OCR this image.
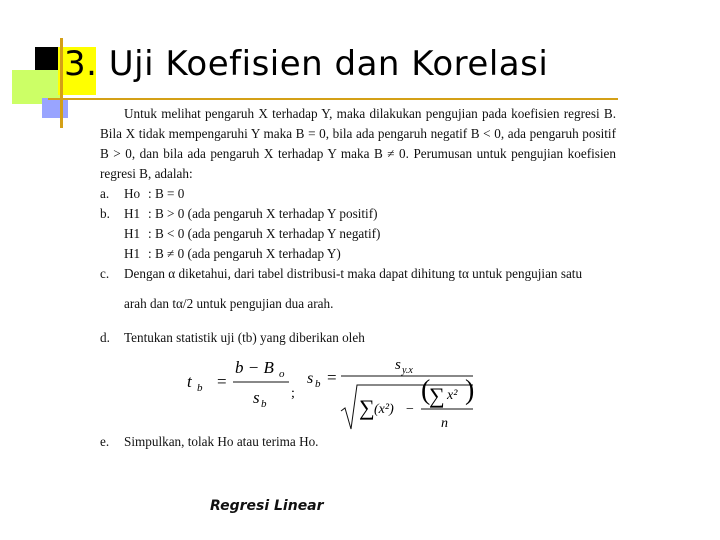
3. Uji Koefisien dan Korelasi

Untuk melihat pengaruh X terhadap Y, maka dilakukan pengujian pada koefisien regresi B. Bila X tidak mempengaruhi Y maka B = 0, bila ada pengaruh negatif B < 0, ada pengaruh positif B > 0, dan bila ada pengaruh X terhadap Y maka B ≠ 0. Perumusan untuk pengujian koefisien regresi B, adalah:

a. Ho : B = 0
b. H1 : B > 0 (ada pengaruh X terhadap Y positif)
H1 : B < 0 (ada pengaruh X terhadap Y negatif)
H1 : B ≠ 0 (ada pengaruh X terhadap Y)
c. Dengan α diketahui, dari tabel distribusi-t maka dapat dihitung tα untuk pengujian satu
arah dan tα/2 untuk pengujian dua arah.
d. Tentukan statistik uji (tb) yang diberikan oleh
t b =
b − B o
s b
;
s b =
s y.x
∑ (x²) −
(
∑ x² )
n
e. Simpulkan, tolak Ho atau terima Ho.
Regresi Linear
